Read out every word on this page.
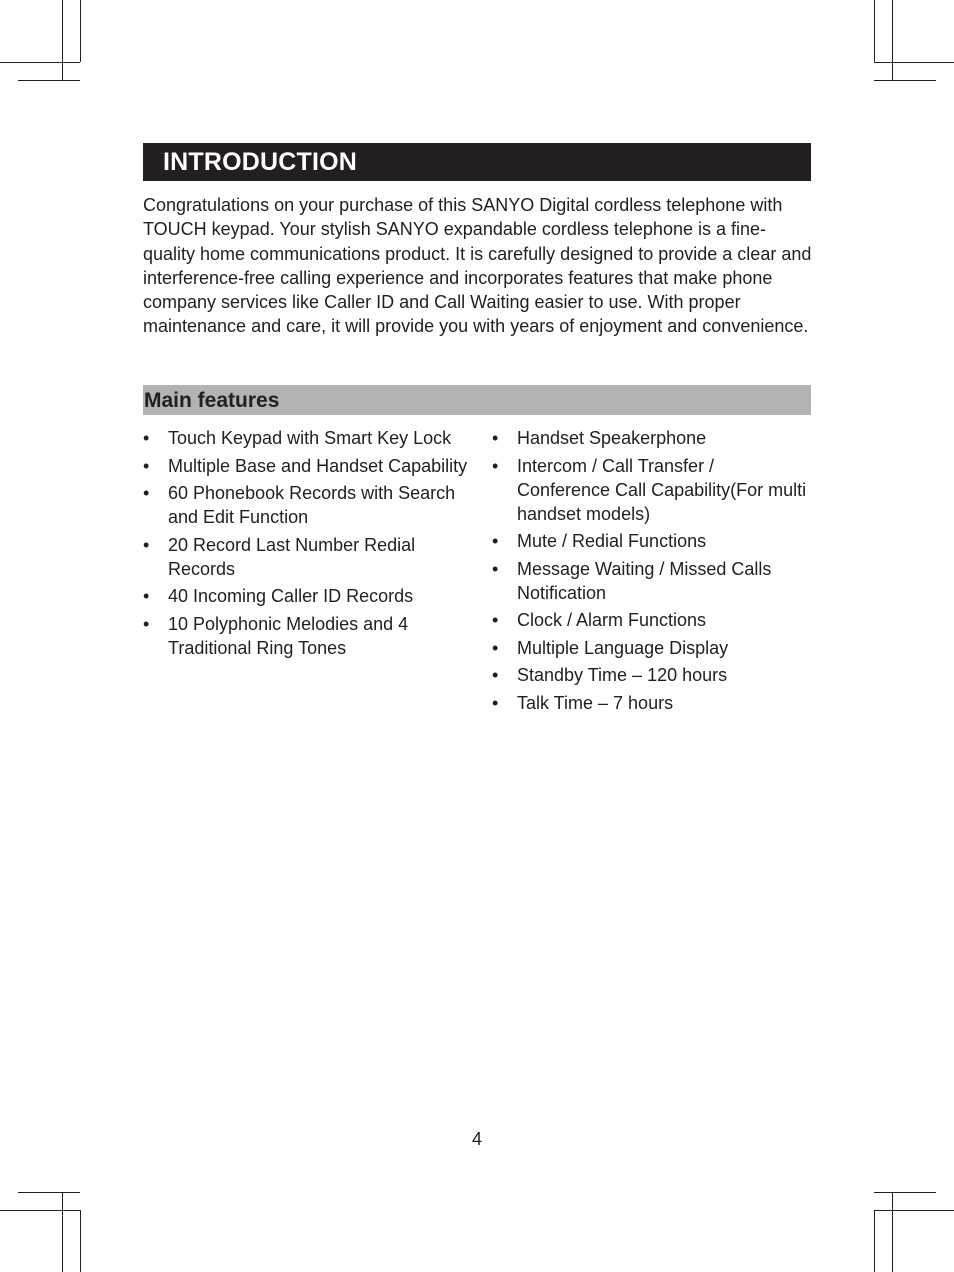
INTRODUCTION

Congratulations on your purchase of this SANYO Digital cordless telephone with TOUCH keypad. Your stylish SANYO expandable cordless telephone is a fine-quality home communications product. It is carefully designed to provide a clear and interference-free calling experience and incorporates features that make phone company services like Caller ID and Call Waiting easier to use. With proper maintenance and care, it will provide you with years of enjoyment and convenience.

Main features
• Touch Keypad with Smart Key Lock
• Multiple Base and Handset Capability
• 60 Phonebook Records with Search and Edit Function
• 20 Record Last Number Redial Records
• 40 Incoming Caller ID Records
• 10 Polyphonic Melodies and 4 Traditional Ring Tones
• Handset Speakerphone
• Intercom / Call Transfer / Conference Call Capability(For multi handset models)
• Mute / Redial Functions
• Message Waiting / Missed Calls Notification
• Clock / Alarm Functions
• Multiple Language Display
• Standby Time – 120 hours
• Talk Time – 7 hours
4
